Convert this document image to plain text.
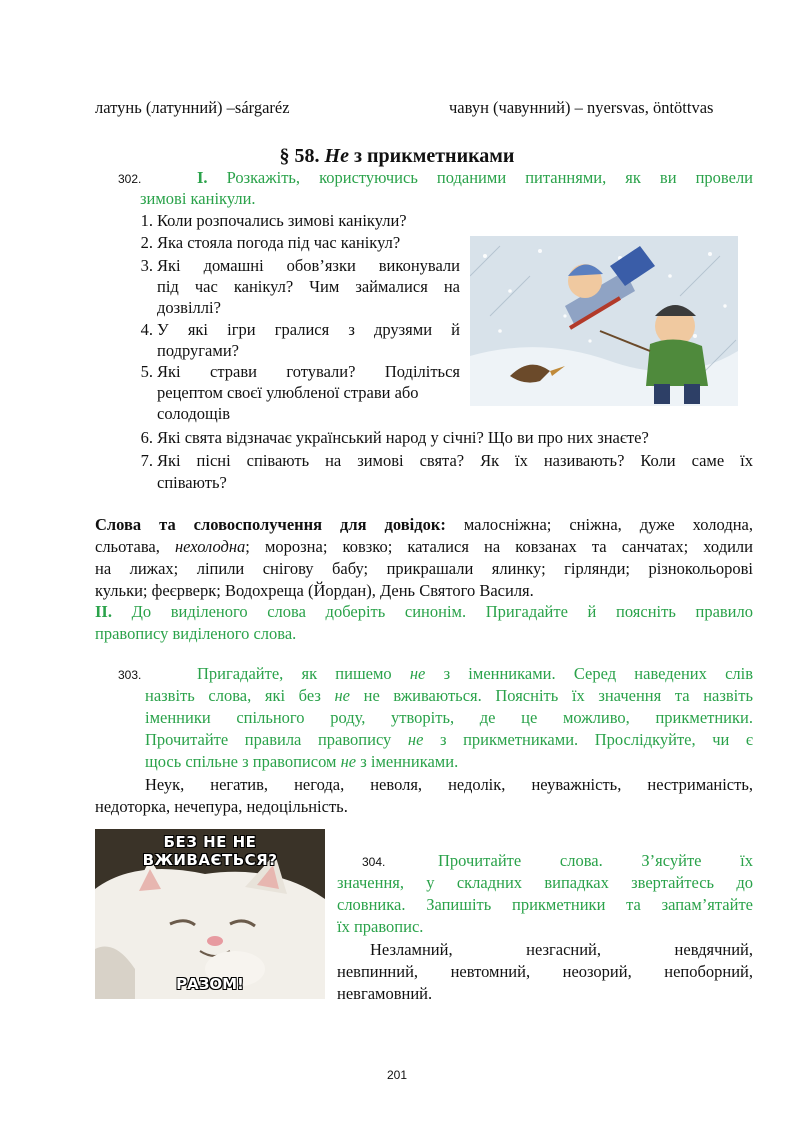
латунь (латунний) –sárgaréz	чавун (чавунний) – nyersvas, öntöttvas
§ 58. Не з прикметниками
302.	I. Розкажіть, користуючись поданими питаннями, як ви провели
зимові канікули.
1. Коли розпочались зимові канікули?
2. Яка стояла погода під час канікул?
3. Які домашні обов’язки виконували
під час канікул? Чим займалися на
дозвіллі?
4. У які ігри гралися з друзями й
подругами?
5. Які страви готували? Поділіться
рецептом своєї улюбленої страви або
солодощів
6. Які свята відзначає український народ у січні? Що ви про них знаєте?
7. Які пісні співають на зимові свята? Як їх називають? Коли саме їх
співають?
Слова та словосполучення для довідок: малосніжна; сніжна, дуже холодна,
сльотава, нехолодна; морозна; ковзко; каталися на ковзанах та санчатах; ходили
на лижах; ліпили снігову бабу; прикрашали ялинку; гірлянди; різнокольорові
кульки; феєрверк; Водохреща (Йордан), День Святого Василя.
II. До виділеного слова доберіть синонім. Пригадайте й поясніть правило
правопису виділеного слова.
303.	Пригадайте, як пишемо не з іменниками. Серед наведених слів
назвіть слова, які без не не вживаються. Поясніть їх значення та назвіть
іменники спільного роду, утворіть, де це можливо, прикметники.
Прочитайте правила правопису не з прикметниками. Прослідкуйте, чи є
щось спільне з правописом не з іменниками.
Неук, негатив, негода, неволя, недолік, неуважність, нестриманість,
недоторка, нечепура, недоцільність.
БЕЗ НЕ НЕ ВЖИВАЄТЬСЯ?
РАЗОМ!
304.	Прочитайте слова. З’ясуйте їх
значення, у складних випадках звертайтесь до
словника. Запишіть прикметники та запам’ятайте
їх правопис.
Незламний, незгасний, невдячний,
невпинний, невтомний, неозорий, непоборний,
невгамовний.
201
